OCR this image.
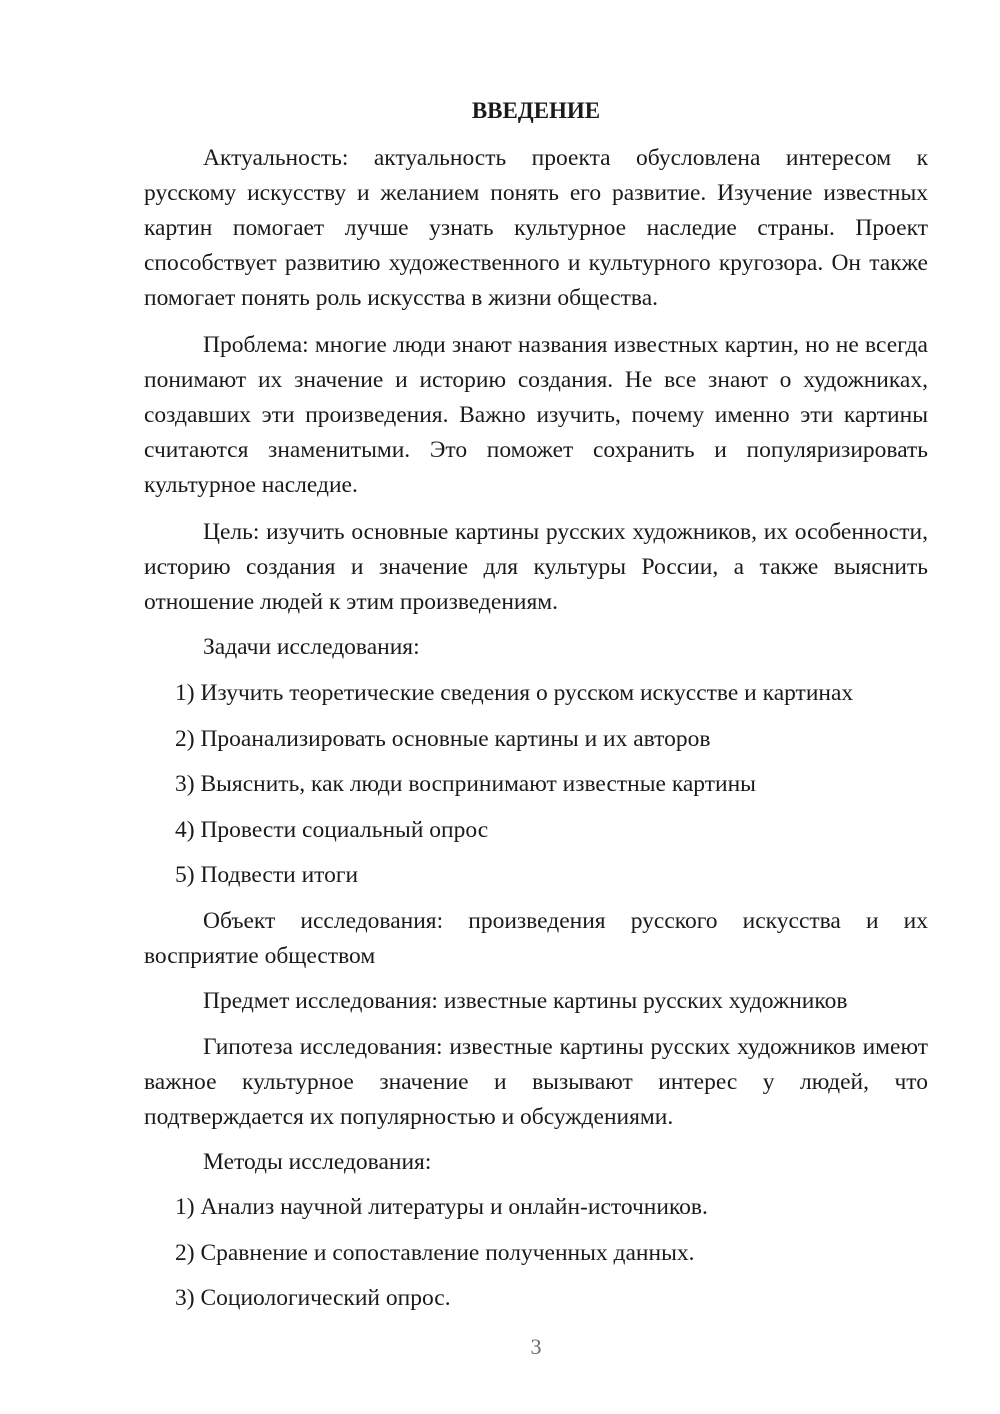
ВВЕДЕНИЕ

Актуальность: актуальность проекта обусловлена интересом к русскому искусству и желанием понять его развитие. Изучение известных картин помогает лучше узнать культурное наследие страны. Проект способствует развитию художественного и культурного кругозора. Он также помогает понять роль искусства в жизни общества.

Проблема: многие люди знают названия известных картин, но не всегда понимают их значение и историю создания. Не все знают о художниках, создавших эти произведения. Важно изучить, почему именно эти картины считаются знаменитыми. Это поможет сохранить и популяризировать культурное наследие.

Цель: изучить основные картины русских художников, их особенности, историю создания и значение для культуры России, а также выяснить отношение людей к этим произведениям.

Задачи исследования:
1) Изучить теоретические сведения о русском искусстве и картинах
2) Проанализировать основные картины и их авторов
3) Выяснить, как люди воспринимают известные картины
4) Провести социальный опрос
5) Подвести итоги

Объект исследования: произведения русского искусства и их восприятие обществом

Предмет исследования: известные картины русских художников

Гипотеза исследования: известные картины русских художников имеют важное культурное значение и вызывают интерес у людей, что подтверждается их популярностью и обсуждениями.

Методы исследования:
1) Анализ научной литературы и онлайн-источников.
2) Сравнение и сопоставление полученных данных.
3) Социологический опрос.
3
